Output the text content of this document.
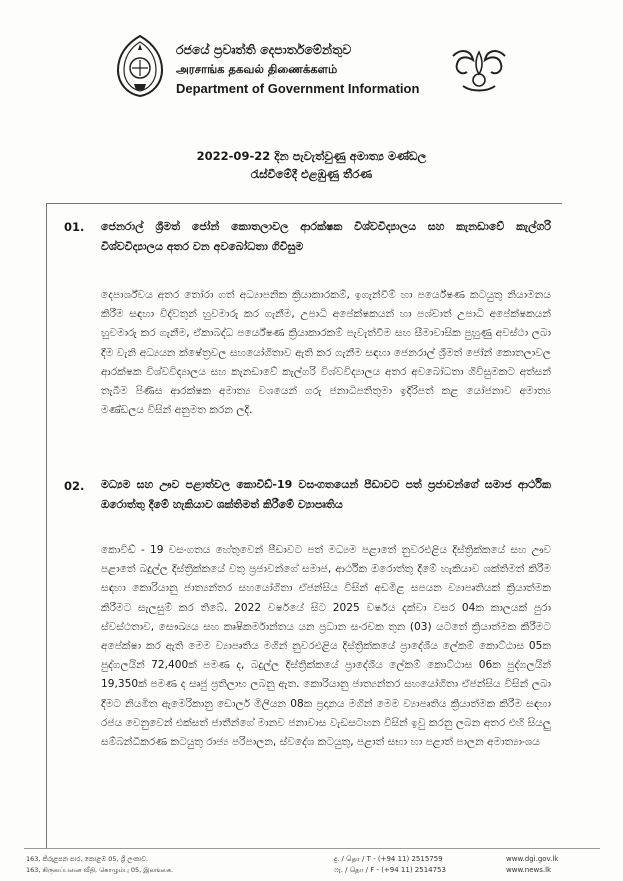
රජයේ ප්‍රවෘත්ති දෙපාර්තමේන්තුව
அரசாங்க தகவல் திணைக்களம்
Department of Government Information
2022-09-22 දින පැවැත්වුණු අමාත්‍ය මණ්ඩල
රැස්වීමේදී එළඹුණු තීරණ
01. ජෙනරාල් ශ්‍රීමත් ජෝන් කොතලාවල ආරක්ෂක විශ්වවිද්‍යාලය සහ කැනඩාවේ කැල්ගරි විශ්වවිද්‍යාලය අතර වන අවබෝධතා ගිවිසුම
දෙපාර්ශ්වය අතර තෝරා ගත් අධ්‍යාපනික ක්‍රියාකාරකම්, ඉගැන්වීම් හා පර්යේෂණ කටයුතු නියාමනය කිරීම සඳහා විද්වතුන් හුවමාරු කර ගැනීම, උපාධි අපේක්ෂකයන් හා පශ්චාත් උපාධි අපේක්ෂකයන් හුවමාරු කර ගැනීම, ඒකාබද්ධ පර්යේෂණ ක්‍රියාකාරකම් පැවැත්වීම සහ සීමාවාසික පුහුණු අවස්ථා ලබා දීම වැනි අධ්‍යයන ක්ෂේත්‍රවල සහයෝගිතාව ඇති කර ගැනීම සඳහා ජෙනරාල් ශ්‍රීමත් ජෝන් කොතලාවල ආරක්ෂක විශ්වවිද්‍යාලය සහ කැනඩාවේ කැල්ගරි විශ්වවිද්‍යාලය අතර අවබෝධතා ගිවිසුමකට අත්සන් තැබීම පිණිස ආරක්ෂක අමාත්‍ය වශයෙන් ගරු ජනාධිපතිතුමා ඉදිරිපත් කළ යෝජනාව අමාත්‍ය මණ්ඩලය විසින් අනුමත කරන ලදි.
02. මධ්‍යම සහ ඌව පළාත්වල කොවිඩ්-19 වසංගතයෙන් පීඩාවට පත් ප්‍රජාවන්ගේ සමාජ ආර්ථික ඔරොත්තු දීමේ හැකියාව ශක්තිමත් කිරීමේ ව්‍යාපෘතිය
කොවිඩ් - 19 වසංගතය හේතුවෙන් පීඩාවට පත් මධ්‍යම පළාතේ නුවරඑළිය දිස්ත්‍රික්කයේ සහ ඌව පළාතේ බදුල්ල දිස්ත්‍රික්කයේ වතු ප්‍රජාවන්ගේ සමාජ, ආර්ථික ඔරොත්තු දීමේ හැකියාව ශක්තිමත් කිරීම සඳහා කොරියානු ජාත්‍යන්තර සහයෝගිතා ඒජන්සිය විසින් අඩමිළ සපයන ව්‍යාපෘතියක් ක්‍රියාත්මක කිරීමට සැලසුම් කර තිබේ. 2022 වර්ෂයේ සිට 2025 වර්ෂය දක්වා වසර 04ක කාලයක් පුරා ස්වස්ථතාව, සෞඛ්‍යය සහ කෘෂිකර්මාන්තය යන ප්‍රධාන සංරචක තුන (03) යටතේ ක්‍රියාත්මක කිරීමට අපේක්ෂා කර ඇති මෙම ව්‍යාපෘතිය මගින් නුවරඑළිය දිස්ත්‍රික්කයේ ප්‍රාදේශීය ලේකම් කොට්ඨාස 05ක පුද්ගලයින් 72,400ක් පමණ ද, බදුල්ල දිස්ත්‍රික්කයේ ප්‍රාදේශීය ලේකම් කොට්ඨාස 06ක පුද්ගලයින් 19,350ක් පමණ ද සෘජු ප්‍රතිලාභ ලබනු ඇත. කොරියානු ජාත්‍යන්තර සහයෝගිතා ඒජන්සිය විසින් ලබා දීමට නියමිත ඇමෙරිකානු ඩොලර් මිලියන 08ක ප්‍රදානය මගින් මෙම ව්‍යාපෘතිය ක්‍රියාත්මක කිරීම සඳහා රජය වෙනුවෙන් එක්සත් ජාතීන්ගේ මානව ජනාවාස වැඩසටහන විසින් ඉවු කරනු ලබන අතර එහි සියලු සම්බන්ධීකරණ කටයුතු රාජ්‍ය පරිපාලන, ස්වදේශ කටයුතු, පළාත් සභා හා පළාත් පාලන අමාත්‍යාංශය
163, කිරුළපන පාර, කොළඹ 05, ශ්‍රී ලංකාව.
163, கிருலப்பனை வீதி, கொழும்பு 05, இலங்கை.
දු. / தொ / T - (+94 11) 2515759
ෆැ. / தொ / F - (+94 11) 2514753
www.dgi.gov.lk
www.news.lk
